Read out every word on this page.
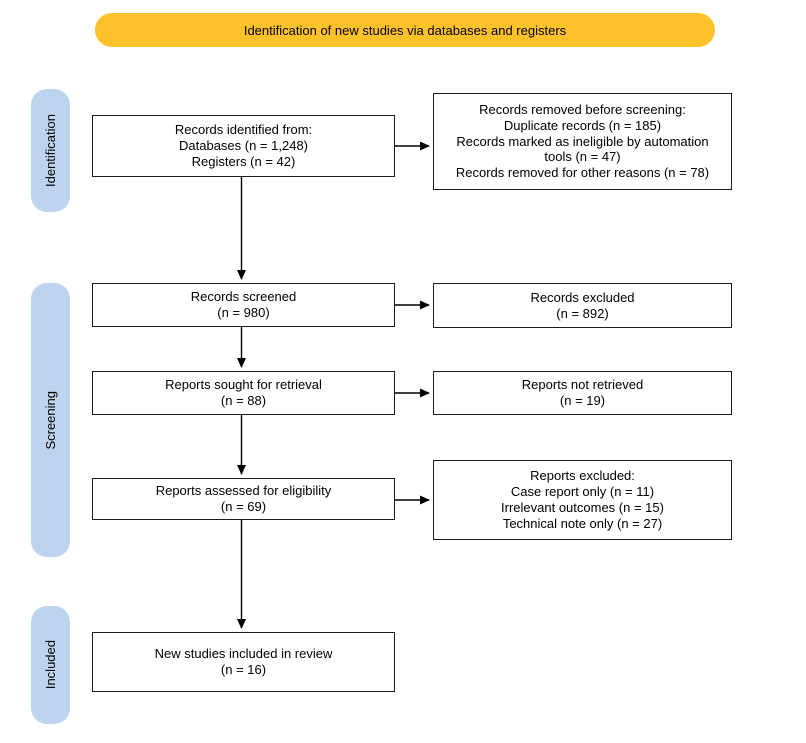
Identification of new studies via databases and registers
Identification
Screening
Included
Records identified from:
Databases (n = 1,248)
Registers (n = 42)
Records removed before screening:
Duplicate records (n = 185)
Records marked as ineligible by automation tools (n = 47)
Records removed for other reasons (n = 78)
Records screened
(n = 980)
Records excluded
(n = 892)
Reports sought for retrieval
(n = 88)
Reports not retrieved
(n = 19)
Reports assessed for eligibility
(n = 69)
Reports excluded:
Case report only (n = 11)
Irrelevant outcomes (n = 15)
Technical note only (n = 27)
New studies included in review
(n = 16)
